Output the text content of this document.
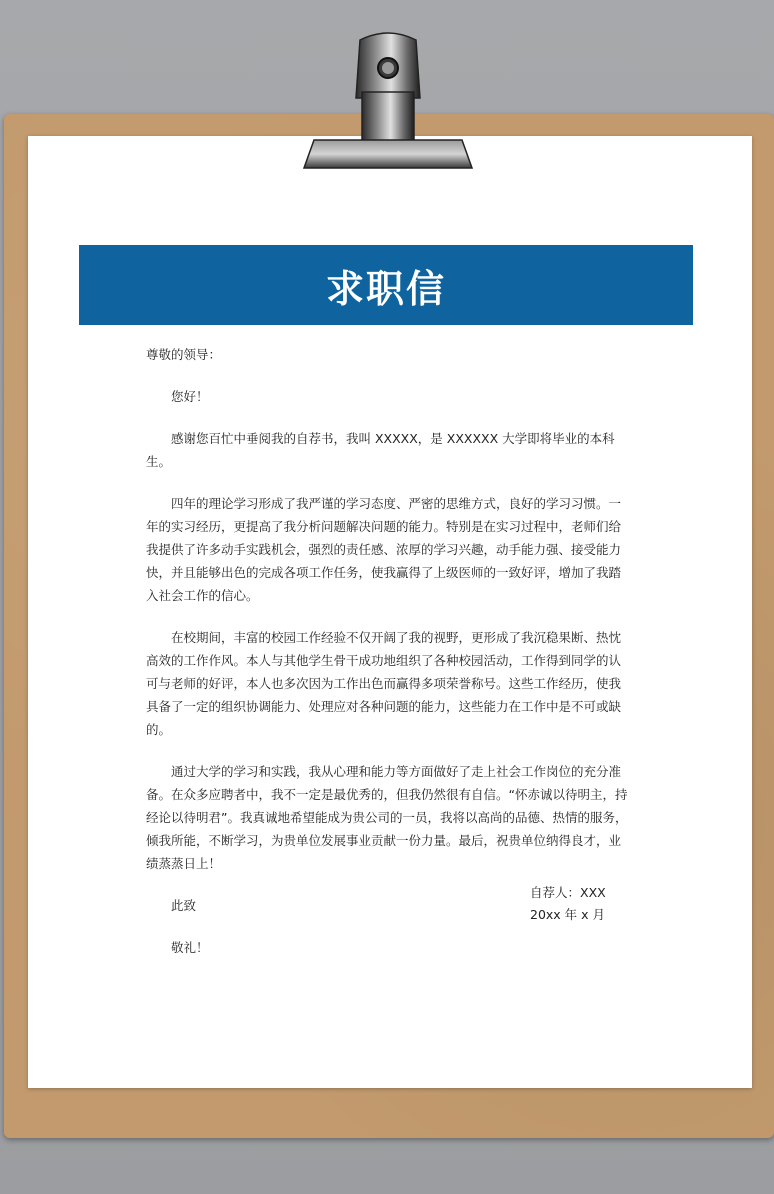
求职信

尊敬的领导：

您好！

感谢您百忙中垂阅我的自荐书，我叫 XXXXX，是 XXXXXX 大学即将毕业的本科生。

四年的理论学习形成了我严谨的学习态度、严密的思维方式，良好的学习习惯。一年的实习经历，更提高了我分析问题解决问题的能力。特别是在实习过程中，老师们给我提供了许多动手实践机会，强烈的责任感、浓厚的学习兴趣，动手能力强、接受能力快，并且能够出色的完成各项工作任务，使我赢得了上级医师的一致好评，增加了我踏入社会工作的信心。

在校期间，丰富的校园工作经验不仅开阔了我的视野，更形成了我沉稳果断、热忱高效的工作作风。本人与其他学生骨干成功地组织了各种校园活动，工作得到同学的认可与老师的好评，本人也多次因为工作出色而赢得多项荣誉称号。这些工作经历，使我具备了一定的组织协调能力、处理应对各种问题的能力，这些能力在工作中是不可或缺的。

通过大学的学习和实践，我从心理和能力等方面做好了走上社会工作岗位的充分准备。在众多应聘者中，我不一定是最优秀的，但我仍然很有自信。“怀赤诚以待明主，持经论以待明君”。我真诚地希望能成为贵公司的一员，我将以高尚的品德、热情的服务，倾我所能，不断学习，为贵单位发展事业贡献一份力量。最后，祝贵单位纳得良才，业绩蒸蒸日上！

此致

敬礼！

自荐人：XXX
20xx 年 x 月
